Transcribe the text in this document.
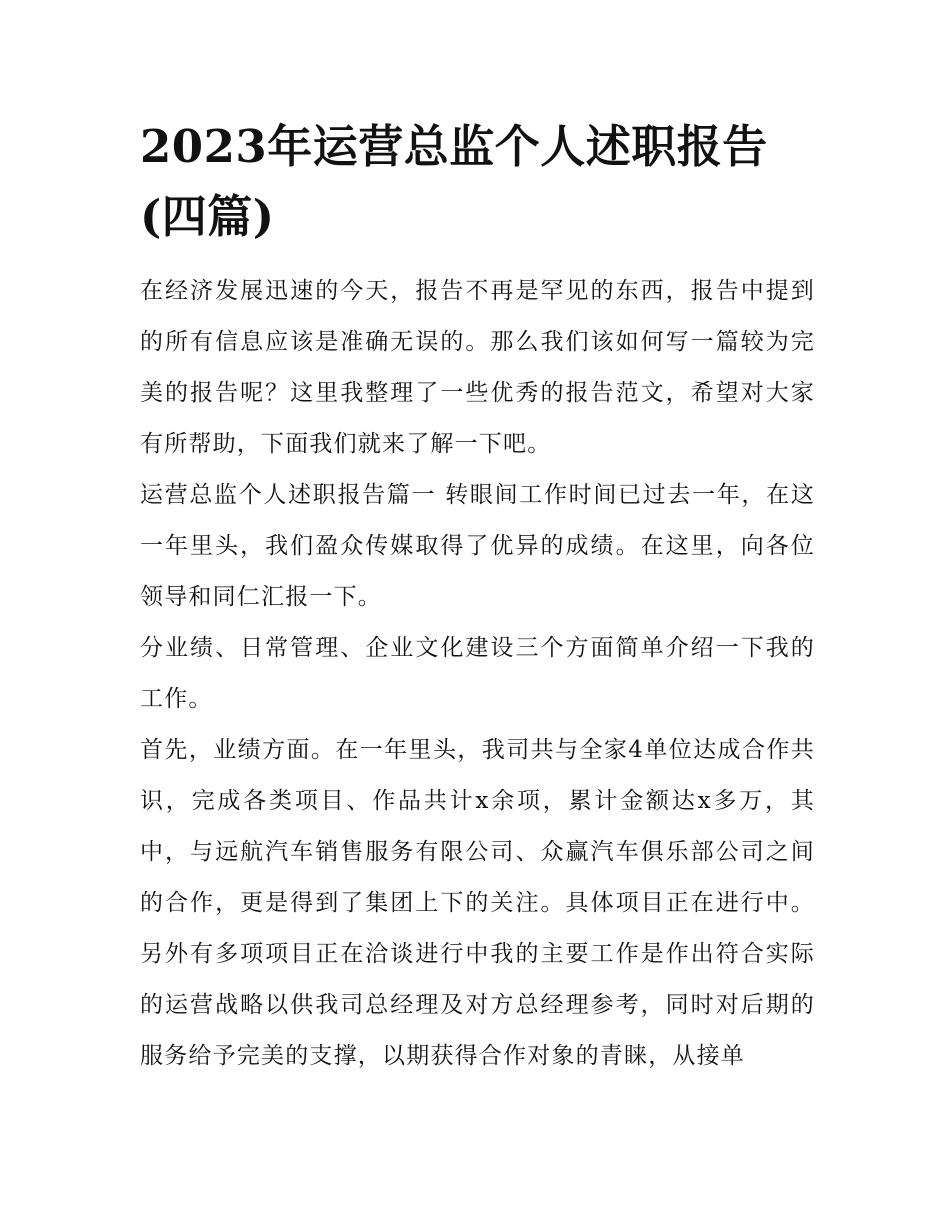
2023年运营总监个人述职报告(四篇)

在经济发展迅速的今天，报告不再是罕见的东西，报告中提到的所有信息应该是准确无误的。那么我们该如何写一篇较为完美的报告呢？这里我整理了一些优秀的报告范文，希望对大家有所帮助，下面我们就来了解一下吧。

运营总监个人述职报告篇一 转眼间工作时间已过去一年，在这一年里头，我们盈众传媒取得了优异的成绩。在这里，向各位领导和同仁汇报一下。

分业绩、日常管理、企业文化建设三个方面简单介绍一下我的工作。

首先，业绩方面。在一年里头，我司共与全家4单位达成合作共识，完成各类项目、作品共计x余项，累计金额达x多万，其中，与远航汽车销售服务有限公司、众赢汽车俱乐部公司之间的合作，更是得到了集团上下的关注。具体项目正在进行中。另外有多项项目正在洽谈进行中我的主要工作是作出符合实际的运营战略以供我司总经理及对方总经理参考，同时对后期的服务给予完美的支撑，以期获得合作对象的青睐，从接单
